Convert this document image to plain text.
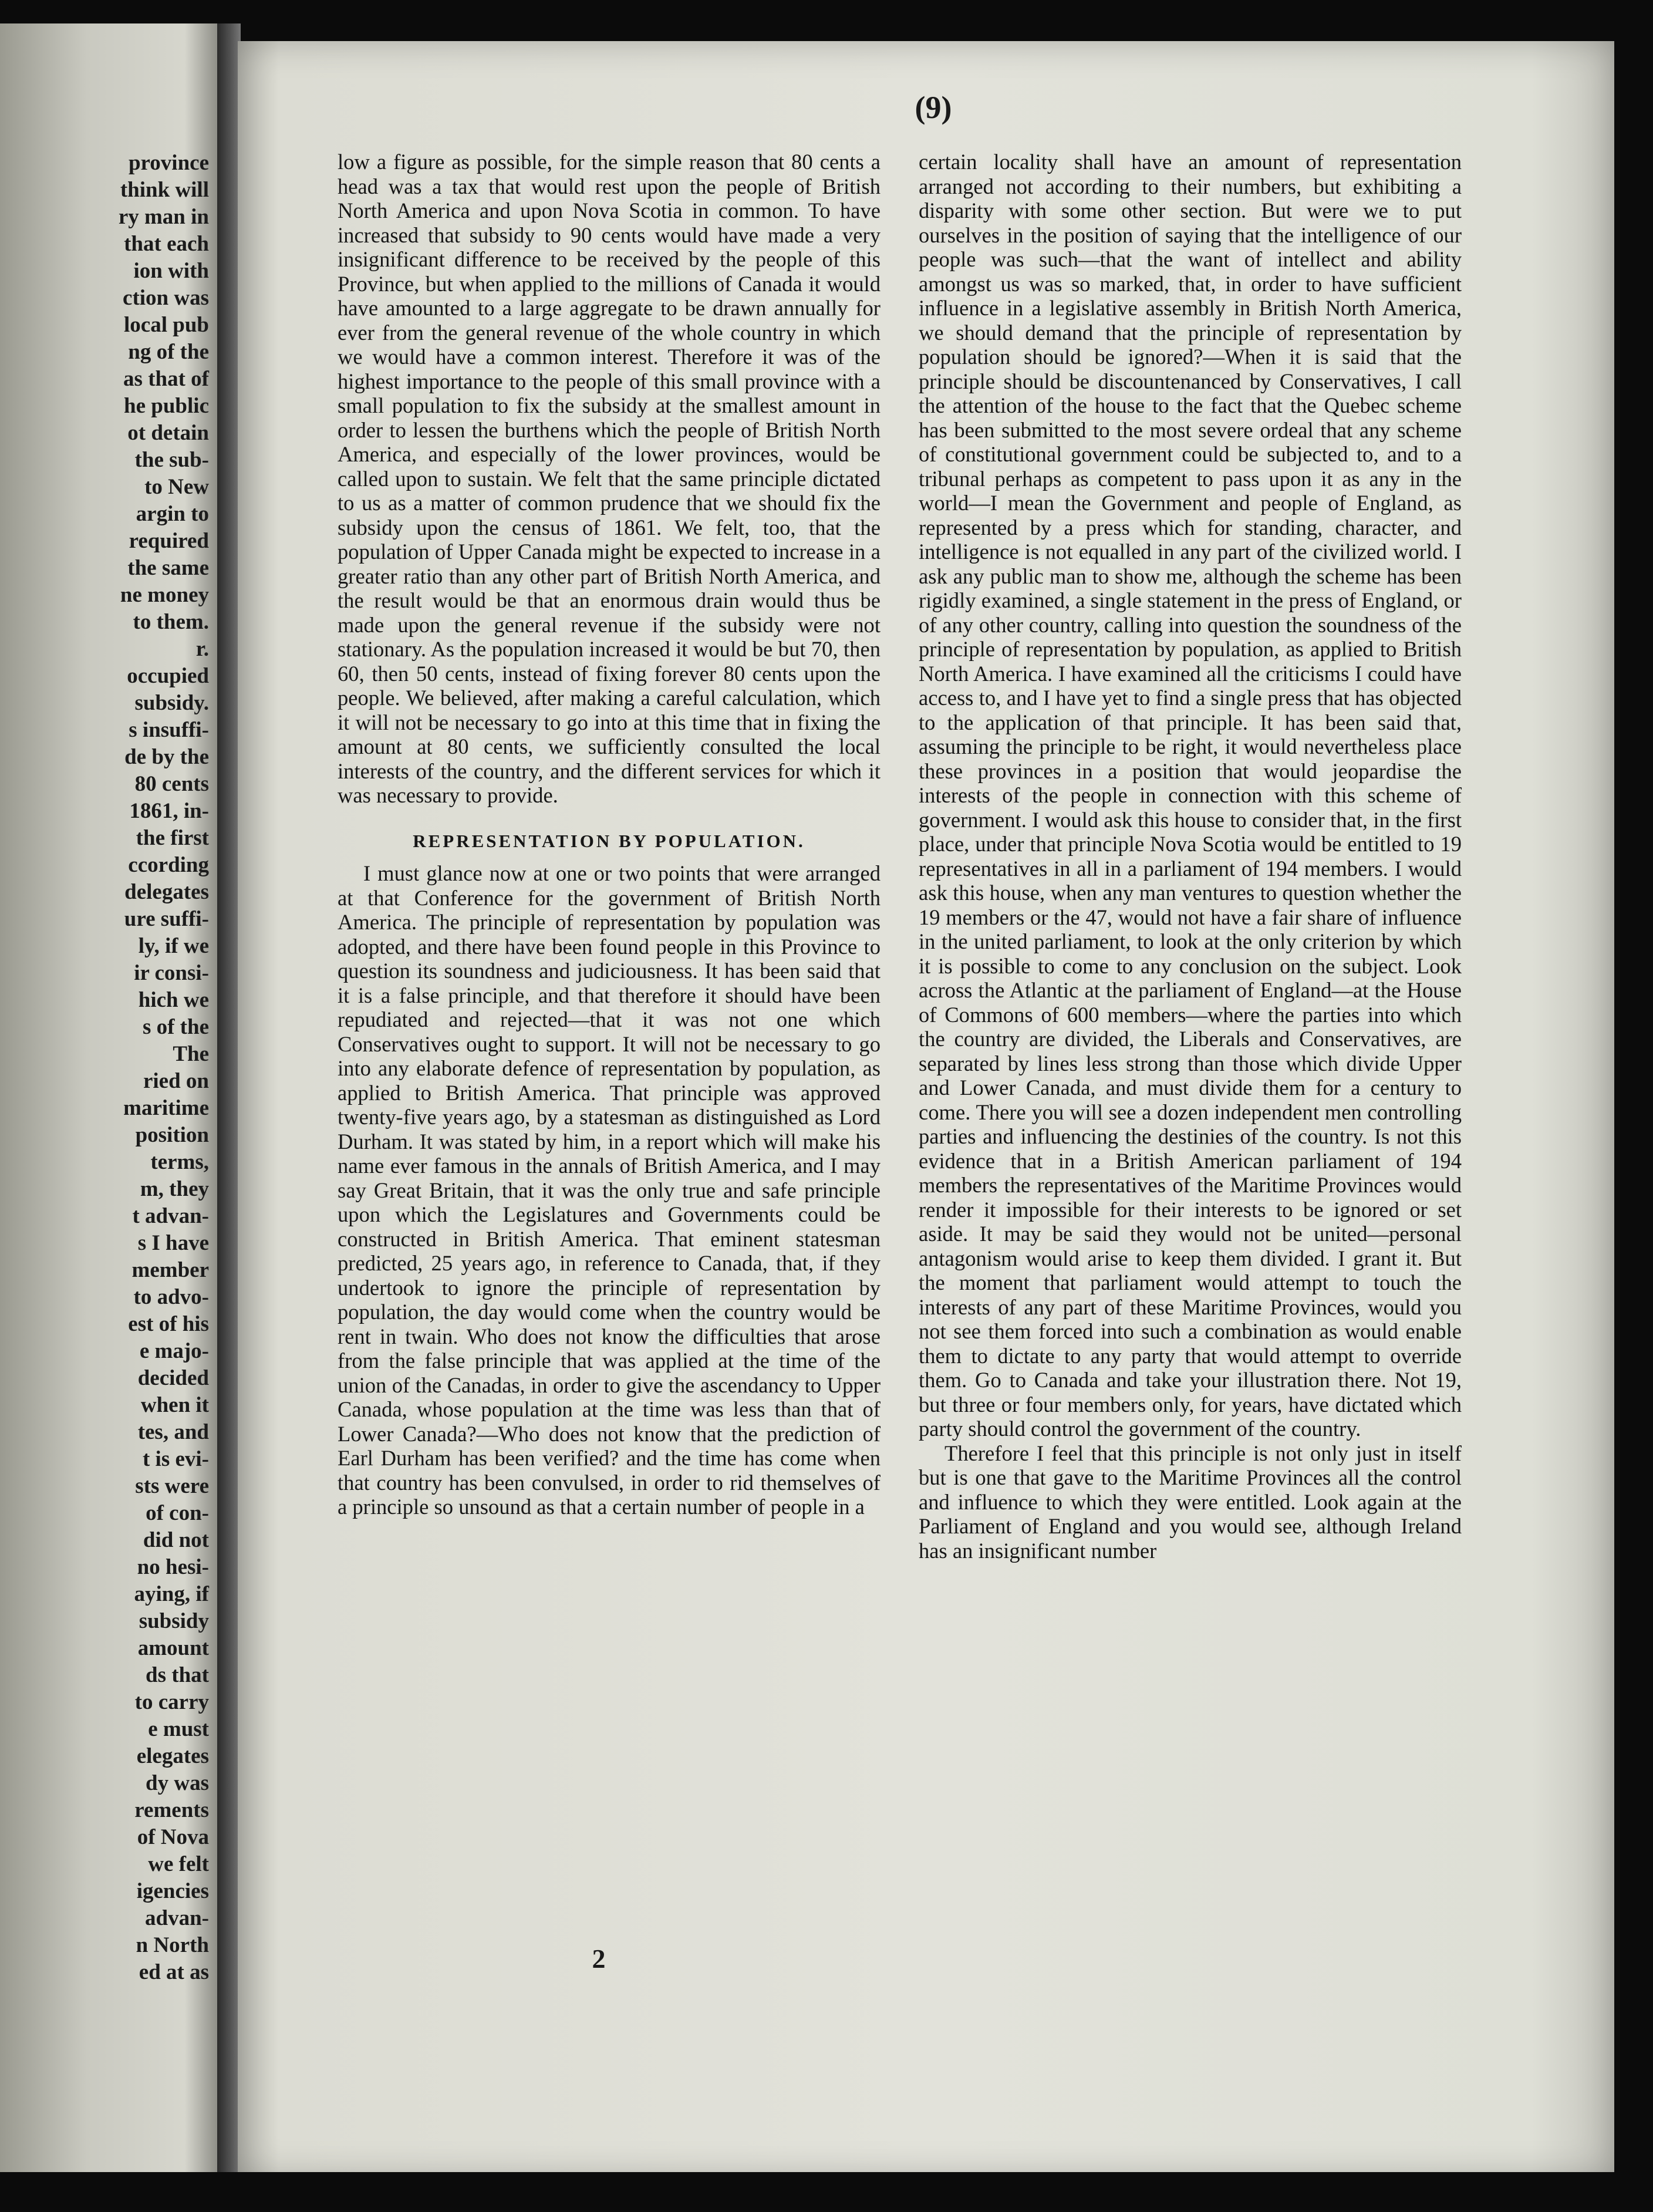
province
think will
ry man in
that each
ion with
ction was
local pub
ng of the
as that of
he public
ot detain
the sub-
to New
argin to
required
the same
ne money
to them.
r.
occupied
subsidy.
s insuffi-
de by the
80 cents
1861, in-
the first
ccording
delegates
ure suffi-
ly, if we
ir consi-
hich we
s of the
The
ried on
maritime
position
terms,
m, they
t advan-
s I have
member
to advo-
est of his
e majo-
decided
when it
tes, and
t is evi-
sts were
of con-
did not
no hesi-
aying, if
subsidy
amount
ds that
to carry
e must
elegates
dy was
rements
of Nova
we felt
igencies
advan-
n North
ed at as
(9)

low a figure as possible, for the simple reason that 80 cents a head was a tax that would rest upon the people of British North America and upon Nova Scotia in common. To have increased that subsidy to 90 cents would have made a very insignificant difference to be received by the people of this Province, but when applied to the millions of Canada it would have amounted to a large aggregate to be drawn annually for ever from the general revenue of the whole country in which we would have a common interest. Therefore it was of the highest importance to the people of this small province with a small population to fix the subsidy at the smallest amount in order to lessen the burthens which the people of British North America, and especially of the lower provinces, would be called upon to sustain. We felt that the same principle dictated to us as a matter of common prudence that we should fix the subsidy upon the census of 1861. We felt, too, that the population of Upper Canada might be expected to increase in a greater ratio than any other part of British North America, and the result would be that an enormous drain would thus be made upon the general revenue if the subsidy were not stationary. As the population increased it would be but 70, then 60, then 50 cents, instead of fixing forever 80 cents upon the people. We believed, after making a careful calculation, which it will not be necessary to go into at this time that in fixing the amount at 80 cents, we sufficiently consulted the local interests of the country, and the different services for which it was necessary to provide.

REPRESENTATION BY POPULATION.

I must glance now at one or two points that were arranged at that Conference for the government of British North America. The principle of representation by population was adopted, and there have been found people in this Province to question its soundness and judiciousness. It has been said that it is a false principle, and that therefore it should have been repudiated and rejected—that it was not one which Conservatives ought to support. It will not be necessary to go into any elaborate defence of representation by population, as applied to British America. That principle was approved twenty-five years ago, by a statesman as distinguished as Lord Durham. It was stated by him, in a report which will make his name ever famous in the annals of British America, and I may say Great Britain, that it was the only true and safe principle upon which the Legislatures and Governments could be constructed in British America. That eminent statesman predicted, 25 years ago, in reference to Canada, that, if they undertook to ignore the principle of representation by population, the day would come when the country would be rent in twain. Who does not know the difficulties that arose from the false principle that was applied at the time of the union of the Canadas, in order to give the ascendancy to Upper Canada, whose population at the time was less than that of Lower Canada?—Who does not know that the prediction of Earl Durham has been verified? and the time has come when that country has been convulsed, in order to rid themselves of a principle so unsound as that a certain number of people in a

certain locality shall have an amount of representation arranged not according to their numbers, but exhibiting a disparity with some other section. But were we to put ourselves in the position of saying that the intelligence of our people was such—that the want of intellect and ability amongst us was so marked, that, in order to have sufficient influence in a legislative assembly in British North America, we should demand that the principle of representation by population should be ignored?—When it is said that the principle should be discountenanced by Conservatives, I call the attention of the house to the fact that the Quebec scheme has been submitted to the most severe ordeal that any scheme of constitutional government could be subjected to, and to a tribunal perhaps as competent to pass upon it as any in the world—I mean the Government and people of England, as represented by a press which for standing, character, and intelligence is not equalled in any part of the civilized world. I ask any public man to show me, although the scheme has been rigidly examined, a single statement in the press of England, or of any other country, calling into question the soundness of the principle of representation by population, as applied to British North America. I have examined all the criticisms I could have access to, and I have yet to find a single press that has objected to the application of that principle. It has been said that, assuming the principle to be right, it would nevertheless place these provinces in a position that would jeopardise the interests of the people in connection with this scheme of government. I would ask this house to consider that, in the first place, under that principle Nova Scotia would be entitled to 19 representatives in all in a parliament of 194 members. I would ask this house, when any man ventures to question whether the 19 members or the 47, would not have a fair share of influence in the united parliament, to look at the only criterion by which it is possible to come to any conclusion on the subject. Look across the Atlantic at the parliament of England—at the House of Commons of 600 members—where the parties into which the country are divided, the Liberals and Conservatives, are separated by lines less strong than those which divide Upper and Lower Canada, and must divide them for a century to come. There you will see a dozen independent men controlling parties and influencing the destinies of the country. Is not this evidence that in a British American parliament of 194 members the representatives of the Maritime Provinces would render it impossible for their interests to be ignored or set aside. It may be said they would not be united—personal antagonism would arise to keep them divided. I grant it. But the moment that parliament would attempt to touch the interests of any part of these Maritime Provinces, would you not see them forced into such a combination as would enable them to dictate to any party that would attempt to override them. Go to Canada and take your illustration there. Not 19, but three or four members only, for years, have dictated which party should control the government of the country.

Therefore I feel that this principle is not only just in itself but is one that gave to the Maritime Provinces all the control and influence to which they were entitled. Look again at the Parliament of England and you would see, although Ireland has an insignificant number

2
